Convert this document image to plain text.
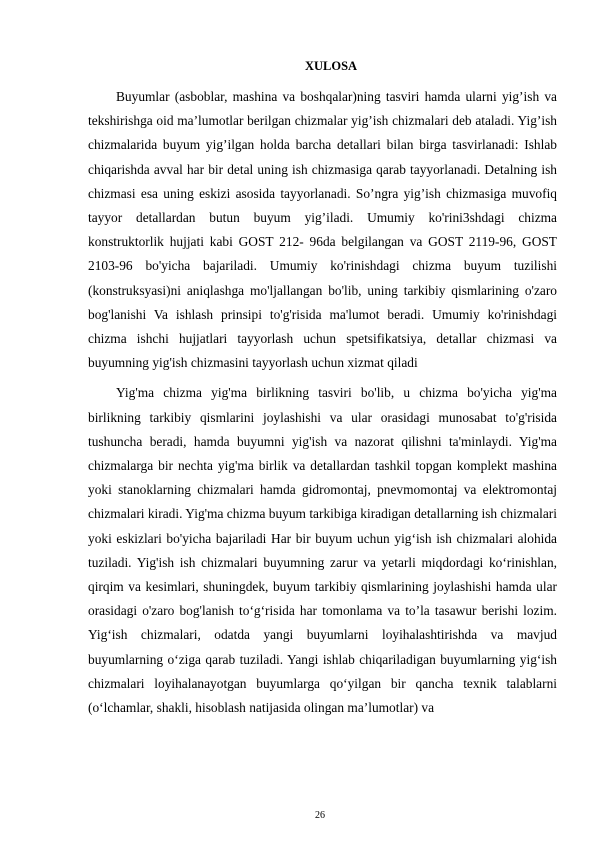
XULOSA

Buyumlar (asboblar, mashina va boshqalar)ning tasviri hamda ularni yig’ish va tekshirishga oid ma’lumotlar berilgan chizmalar yig’ish chizmalari deb ataladi. Yig’ish chizmalarida buyum yig’ilgan holda barcha detallari bilan birga tasvirlanadi: Ishlab chiqarishda avval har bir detal uning ish chizmasiga qarab tayyorlanadi. Detalning ish chizmasi esa uning eskizi asosida tayyorlanadi. So’ngra yig’ish chizmasiga muvofiq tayyor detallardan butun buyum yig’iladi. Umumiy ko'rini3shdagi chizma konstruktorlik hujjati kabi GOST 212- 96da belgilangan va GOST 2119-96, GOST 2103-96 bo'yicha bajariladi. Umumiy ko'rinishdagi chizma buyum tuzilishi (konstruksyasi)ni aniqlashga mo'ljallangan bo'lib, uning tarkibiy qismlarining o'zaro bog'lanishi Va ishlash prinsipi to'g'risida ma'lumot beradi. Umumiy ko'rinishdagi chizma ishchi hujjatlari tayyorlash uchun spetsifikatsiya, detallar chizmasi va buyumning yig'ish chizmasini tayyorlash uchun xizmat qiladi

Yig'ma chizma yig'ma birlikning tasviri bo'lib, u chizma bo'yicha yig'ma birlikning tarkibiy qismlarini joylashishi va ular orasidagi munosabat to'g'risida tushuncha beradi, hamda buyumni yig'ish va nazorat qilishni ta'minlaydi. Yig'ma chizmalarga bir nechta yig'ma birlik va detallardan tashkil topgan komplekt mashina yoki stanoklarning chizmalari hamda gidromontaj, pnevmomontaj va elektromontaj chizmalari kiradi. Yig'ma chizma buyum tarkibiga kiradigan detallarning ish chizmalari yoki eskizlari bo'yicha bajariladi Har bir buyum uchun yig‘ish ish chizmalari alohida tuziladi. Yig'ish ish chizmalari buyumning zarur va yetarli miqdordagi ko‘rinishlan, qirqim va kesimlari, shuningdek, buyum tarkibiy qismlarining joylashishi hamda ular orasidagi o'zaro bog'lanish to‘g‘risida har tomonlama va to’la tasawur berishi lozim. Yig‘ish chizmalari, odatda yangi buyumlarni loyihalashtirishda va mavjud buyumlarning o‘ziga qarab tuziladi. Yangi ishlab chiqariladigan buyumlarning yig‘ish chizmalari loyihalanayotgan buyumlarga qo‘yilgan bir qancha texnik talablarni (o‘lchamlar, shakli, hisoblash natijasida olingan ma’lumotlar) va

26
